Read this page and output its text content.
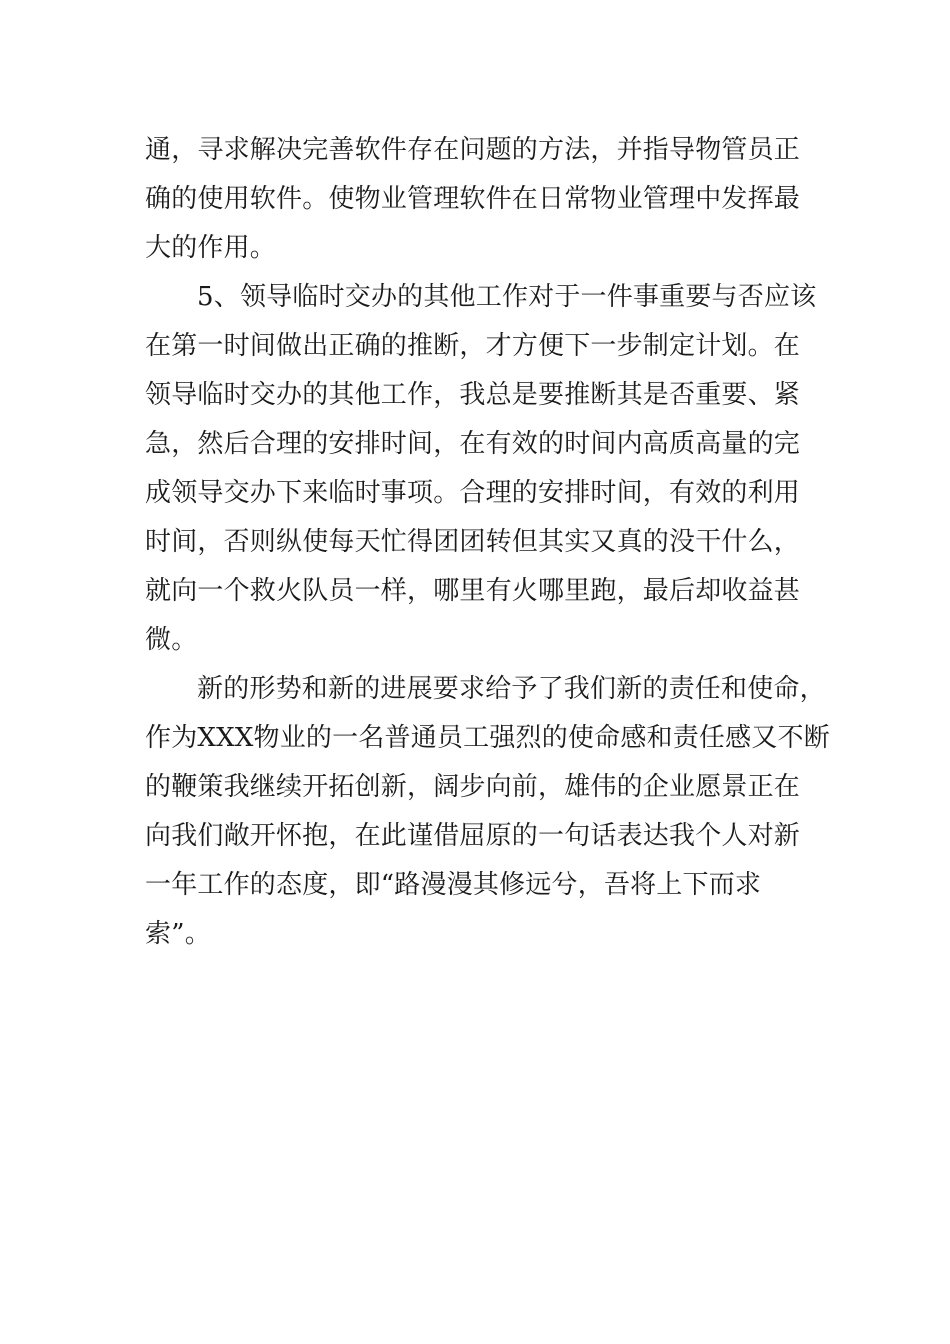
通，寻求解决完善软件存在问题的方法，并指导物管员正
确的使用软件。使物业管理软件在日常物业管理中发挥最
大的作用。
5、领导临时交办的其他工作对于一件事重要与否应该
在第一时间做出正确的推断，才方便下一步制定计划。在
领导临时交办的其他工作，我总是要推断其是否重要、紧
急，然后合理的安排时间，在有效的时间内高质高量的完
成领导交办下来临时事项。合理的安排时间，有效的利用
时间，否则纵使每天忙得团团转但其实又真的没干什么，
就向一个救火队员一样，哪里有火哪里跑，最后却收益甚
微。
新的形势和新的进展要求给予了我们新的责任和使命，
作为XXX物业的一名普通员工强烈的使命感和责任感又不断
的鞭策我继续开拓创新，阔步向前，雄伟的企业愿景正在
向我们敞开怀抱，在此谨借屈原的一句话表达我个人对新
一年工作的态度，即“路漫漫其修远兮，吾将上下而求
索”。
